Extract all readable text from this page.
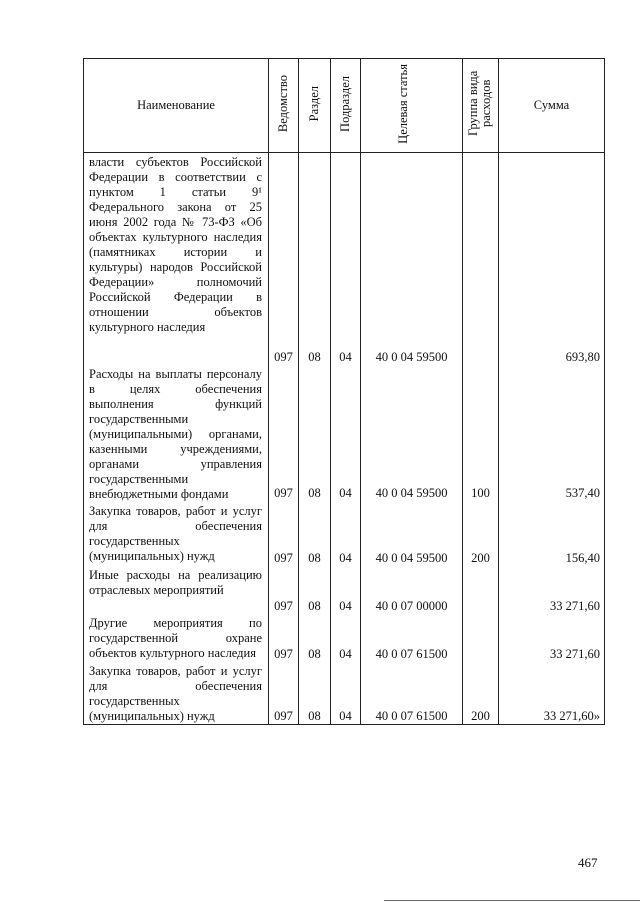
Наименование	Ведомство	Раздел	Подраздел	Целевая статья	Группа вида расходов	Сумма

власти субъектов Российской Федерации в соответствии с пунктом 1 статьи 9¹ Федерального закона от 25 июня 2002 года № 73-ФЗ «Об объектах культурного наследия (памятниках истории и культуры) народов Российской Федерации» полномочий Российской Федерации в отношении объектов культурного наследия	097	08	04	40 0 04 59500		693,80

Расходы на выплаты персоналу в целях обеспечения выполнения функций государственными (муниципальными) органами, казенными учреждениями, органами управления государственными внебюджетными фондами	097	08	04	40 0 04 59500	100	537,40

Закупка товаров, работ и услуг для обеспечения государственных (муниципальных) нужд	097	08	04	40 0 04 59500	200	156,40

Иные расходы на реализацию отраслевых мероприятий	097	08	04	40 0 07 00000		33 271,60

Другие мероприятия по государственной охране объектов культурного наследия	097	08	04	40 0 07 61500		33 271,60

Закупка товаров, работ и услуг для обеспечения государственных (муниципальных) нужд	097	08	04	40 0 07 61500	200	33 271,60»
467
